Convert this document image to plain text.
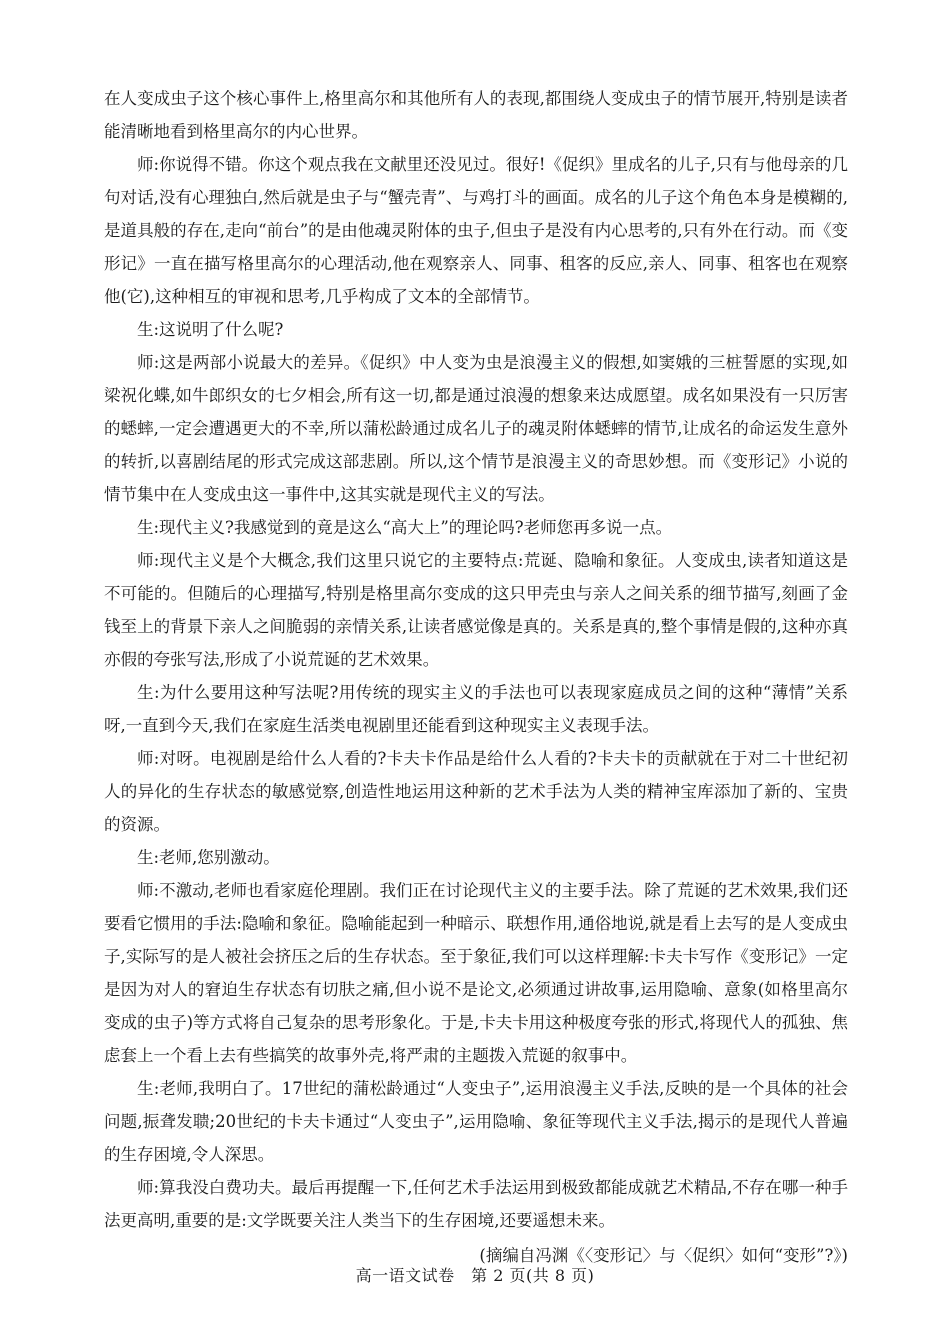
在人变成虫子这个核心事件上,格里高尔和其他所有人的表现,都围绕人变成虫子的情节展开,特别是读者能清晰地看到格里高尔的内心世界。

师:你说得不错。你这个观点我在文献里还没见过。很好!《促织》里成名的儿子,只有与他母亲的几句对话,没有心理独白,然后就是虫子与“蟹壳青”、与鸡打斗的画面。成名的儿子这个角色本身是模糊的,是道具般的存在,走向“前台”的是由他魂灵附体的虫子,但虫子是没有内心思考的,只有外在行动。而《变形记》一直在描写格里高尔的心理活动,他在观察亲人、同事、租客的反应,亲人、同事、租客也在观察他(它),这种相互的审视和思考,几乎构成了文本的全部情节。

生:这说明了什么呢?

师:这是两部小说最大的差异。《促织》中人变为虫是浪漫主义的假想,如窦娥的三桩誓愿的实现,如梁祝化蝶,如牛郎织女的七夕相会,所有这一切,都是通过浪漫的想象来达成愿望。成名如果没有一只厉害的蟋蟀,一定会遭遇更大的不幸,所以蒲松龄通过成名儿子的魂灵附体蟋蟀的情节,让成名的命运发生意外的转折,以喜剧结尾的形式完成这部悲剧。所以,这个情节是浪漫主义的奇思妙想。而《变形记》小说的情节集中在人变成虫这一事件中,这其实就是现代主义的写法。

生:现代主义?我感觉到的竟是这么“高大上”的理论吗?老师您再多说一点。

师:现代主义是个大概念,我们这里只说它的主要特点:荒诞、隐喻和象征。人变成虫,读者知道这是不可能的。但随后的心理描写,特别是格里高尔变成的这只甲壳虫与亲人之间关系的细节描写,刻画了金钱至上的背景下亲人之间脆弱的亲情关系,让读者感觉像是真的。关系是真的,整个事情是假的,这种亦真亦假的夸张写法,形成了小说荒诞的艺术效果。

生:为什么要用这种写法呢?用传统的现实主义的手法也可以表现家庭成员之间的这种“薄情”关系呀,一直到今天,我们在家庭生活类电视剧里还能看到这种现实主义表现手法。

师:对呀。电视剧是给什么人看的?卡夫卡作品是给什么人看的?卡夫卡的贡献就在于对二十世纪初人的异化的生存状态的敏感觉察,创造性地运用这种新的艺术手法为人类的精神宝库添加了新的、宝贵的资源。

生:老师,您别激动。

师:不激动,老师也看家庭伦理剧。我们正在讨论现代主义的主要手法。除了荒诞的艺术效果,我们还要看它惯用的手法:隐喻和象征。隐喻能起到一种暗示、联想作用,通俗地说,就是看上去写的是人变成虫子,实际写的是人被社会挤压之后的生存状态。至于象征,我们可以这样理解:卡夫卡写作《变形记》一定是因为对人的窘迫生存状态有切肤之痛,但小说不是论文,必须通过讲故事,运用隐喻、意象(如格里高尔变成的虫子)等方式将自己复杂的思考形象化。于是,卡夫卡用这种极度夸张的形式,将现代人的孤独、焦虑套上一个看上去有些搞笑的故事外壳,将严肃的主题拨入荒诞的叙事中。

生:老师,我明白了。17世纪的蒲松龄通过“人变虫子”,运用浪漫主义手法,反映的是一个具体的社会问题,振聋发聩;20世纪的卡夫卡通过“人变虫子”,运用隐喻、象征等现代主义手法,揭示的是现代人普遍的生存困境,令人深思。

师:算我没白费功夫。最后再提醒一下,任何艺术手法运用到极致都能成就艺术精品,不存在哪一种手法更高明,重要的是:文学既要关注人类当下的生存困境,还要遥想未来。

(摘编自冯渊《〈变形记〉与〈促织〉如何“变形”?》)

高一语文试卷　第 2 页(共 8 页)
